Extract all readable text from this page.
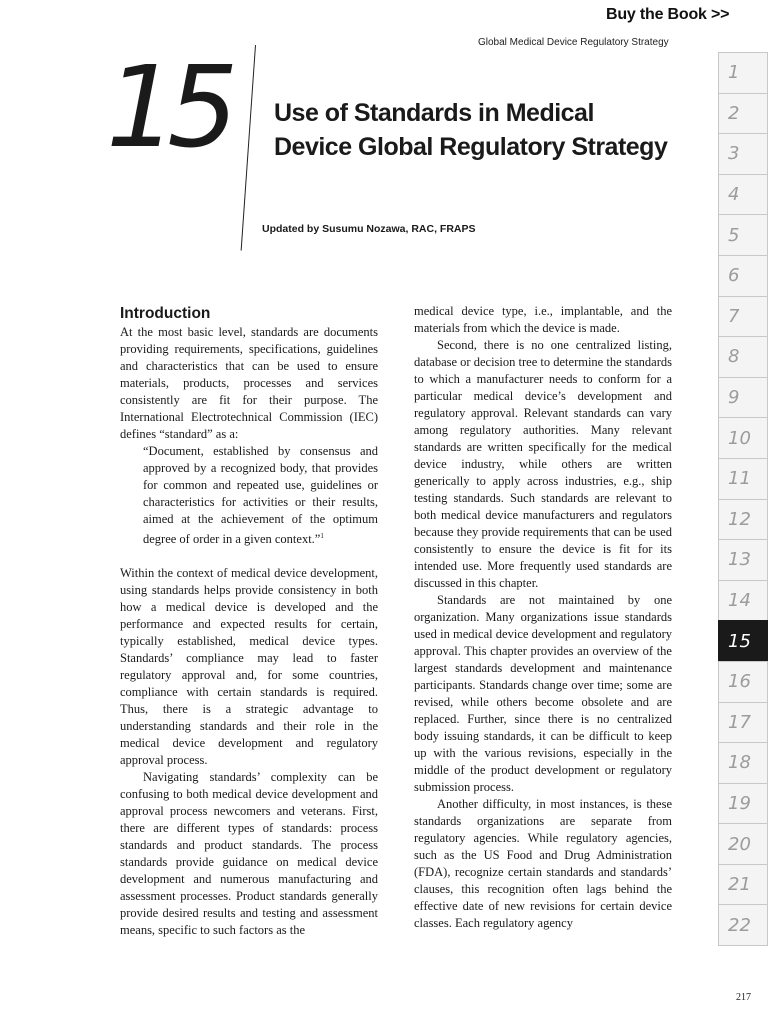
Buy the Book >>
Global Medical Device Regulatory Strategy
15 Use of Standards in Medical
Device Global Regulatory Strategy
Updated by Susumu Nozawa, RAC, FRAPS
Introduction

At the most basic level, standards are documents providing requirements, specifications, guidelines and characteristics that can be used to ensure materials, products, processes and services consistently are fit for their purpose. The International Electrotechnical Commission (IEC) defines “standard” as a:

“Document, established by consensus and approved by a recognized body, that provides for common and repeated use, guidelines or characteristics for activities or their results, aimed at the achievement of the optimum degree of order in a given context.”$^1$

Within the context of medical device development, using standards helps provide consistency in both how a medical device is developed and the performance and expected results for certain, typically established, medical device types. Standards’ compliance may lead to faster regulatory approval and, for some countries, compliance with certain standards is required. Thus, there is a strategic advantage to understanding standards and their role in the medical device development and regulatory approval process.

Navigating standards’ complexity can be confusing to both medical device development and approval process newcomers and veterans. First, there are different types of standards: process standards and product standards. The process standards provide guidance on medical device development and numerous manufacturing and assessment processes. Product standards generally provide desired results and testing and assessment means, specific to such factors as the

medical device type, i.e., implantable, and the materials from which the device is made.

Second, there is no one centralized listing, database or decision tree to determine the standards to which a manufacturer needs to conform for a particular medical device’s development and regulatory approval. Relevant standards can vary among regulatory authorities. Many relevant standards are written specifically for the medical device industry, while others are written generically to apply across industries, e.g., ship testing standards. Such standards are relevant to both medical device manufacturers and regulators because they provide requirements that can be used consistently to ensure the device is fit for its intended use. More frequently used standards are discussed in this chapter.

Standards are not maintained by one organization. Many organizations issue standards used in medical device development and regulatory approval. This chapter provides an overview of the largest standards development and maintenance participants. Standards change over time; some are revised, while others become obsolete and are replaced. Further, since there is no centralized body issuing standards, it can be difficult to keep up with the various revisions, especially in the middle of the product development or regulatory submission process.

Another difficulty, in most instances, is these standards organizations are separate from regulatory agencies. While regulatory agencies, such as the US Food and Drug Administration (FDA), recognize certain standards and standards’ clauses, this recognition often lags behind the effective date of new revisions for certain device classes. Each regulatory agency

1
2
3
4
5
6
7
8
9
10
11
12
13
14
15
16
17
18
19
20
21
22
217
